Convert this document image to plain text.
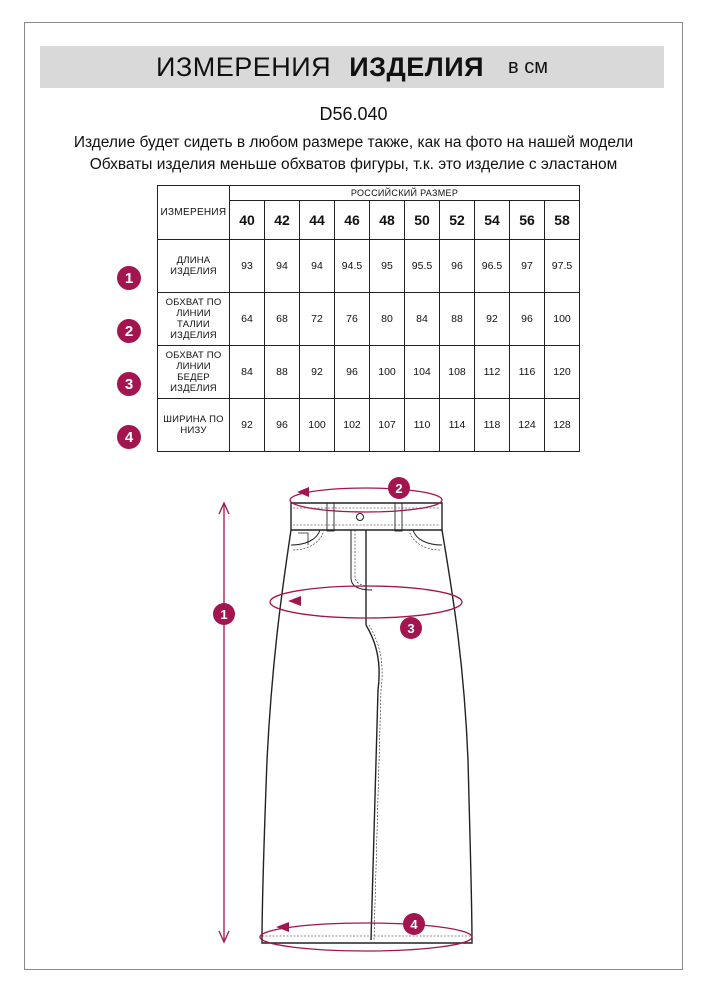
ИЗМЕРЕНИЯ ИЗДЕЛИЯ в см
D56.040
Изделие будет сидеть в любом размере также, как на фото на нашей модели
Обхваты изделия меньше обхватов фигуры, т.к. это изделие с эластаном
ИЗМЕРЕНИЯ	РОССИЙСКИЙ РАЗМЕР									
	40	42	44	46	48	50	52	54	56	58

ДЛИНА
ИЗДЕЛИЯ	93	94	94	94.5	95	95.5	96	96.5	97	97.5

ОБХВАТ ПО
ЛИНИИ
ТАЛИИ
ИЗДЕЛИЯ	64	68	72	76	80	84	88	92	96	100

ОБХВАТ ПО
ЛИНИИ
БЕДЕР
ИЗДЕЛИЯ	84	88	92	96	100	104	108	112	116	120

ШИРИНА ПО
НИЗУ	92	96	100	102	107	110	114	118	124	128
1
2
3
4
2
1
3
4
